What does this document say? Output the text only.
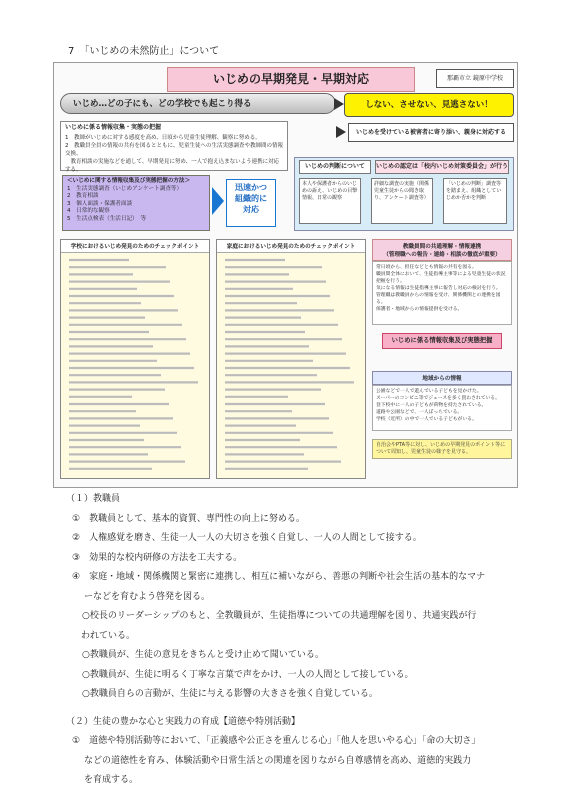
7　「いじめの未然防止」について
いじめの早期発見・早期対応	那覇市立 鏡原中学校
いじめ…どの子にも、どの学校でも起こり得る	しない、させない、見逃さない！
いじめを受けている被害者に寄り添い、親身に対応する
いじめに係る情報収集・実態の把握
1　教師がいじめに対する感度を高め、日頃から児童生徒理解、観察に努める。
2　教職員全員の情報の共有を図るとともに、児童生徒への生活実態調査や教師間の情報交換、
　教育相談の実施などを通して、早期発見に努め、一人で抱え込まないよう連携に対応する。
＜いじめに関する情報収集及び実態把握の方法＞
1　生活実態調査（いじめアンケート調査等）
2　教育相談
3　個人面談・保護者面談
4　日常的な観察
5　生活点検表（生活日記）　等
迅速かつ
組織的に
対応
いじめの判断について	いじめの認定は「校内いじめ対策委員会」が行う
本人や保護者からのいじめの訴え、いじめの目撃情報、日常の観察
詳細な調査の実施（関係児童生徒からの聞き取り、アンケート調査等）
「いじめの判断」調査等を踏まえ、組織としていじめか否かを判断
学校におけるいじめ発見のためのチェックポイント	家庭におけるいじめ発見のためのチェックポイント	教職員間の共通理解・情報連携
（管理職への報告・連絡・相談の徹底が重要）
常日頃から、担任などとも情報の共有を図る。
職員間全体において、生徒指導主事等による児童生徒の状況把握を行う。
気になる情報は生徒指導主事に報告し対応の検討を行う。
管理職は教職員からの情報を受け、関係機関との連携を図る。
保護者・地域からの情報提供を受ける。
いじめに係る情報収集及び実態把握
地域からの情報
公園などで一人で遊んでいる子どもを見かけた。
スーパーのコンビニ等でジュースを多く買わされている。
登下校中に一人の子どもが荷物を持たされている。
道路や公園などで、一人ぼっちでいる。
学校（近所）の中で一人でいる子どもがいる。
自治会やPTA等に対し、いじめの早期発見のポイント等について周知し、児童生徒の様子を見守る。

（１）教職員

①　教職員として、基本的資質、専門性の向上に努める。

②　人権感覚を磨き、生徒一人一人の大切さを強く自覚し、一人の人間として接する。

③　効果的な校内研修の方法を工夫する。

④　家庭・地域・関係機関と緊密に連携し、相互に補いながら、善悪の判断や社会生活の基本的なマナ

　　ーなどを育むよう啓発を図る。

○校長のリーダーシップのもと、全教職員が、生徒指導についての共通理解を図り、共通実践が行

　われている。

○教職員が、生徒の意見をきちんと受け止めて聞いている。

○教職員が、生徒に明るく丁寧な言葉で声をかけ、一人の人間として接している。

○教職員自らの言動が、生徒に与える影響の大きさを強く自覚している。

（２）生徒の豊かな心と実践力の育成【道徳や特別活動】

①　道徳や特別活動等において、「正義感や公正さを重んじる心」「他人を思いやる心」「命の大切さ」

　　などの道徳性を育み、体験活動や日常生活との関連を図りながら自尊感情を高め、道徳的実践力

　　を育成する。
